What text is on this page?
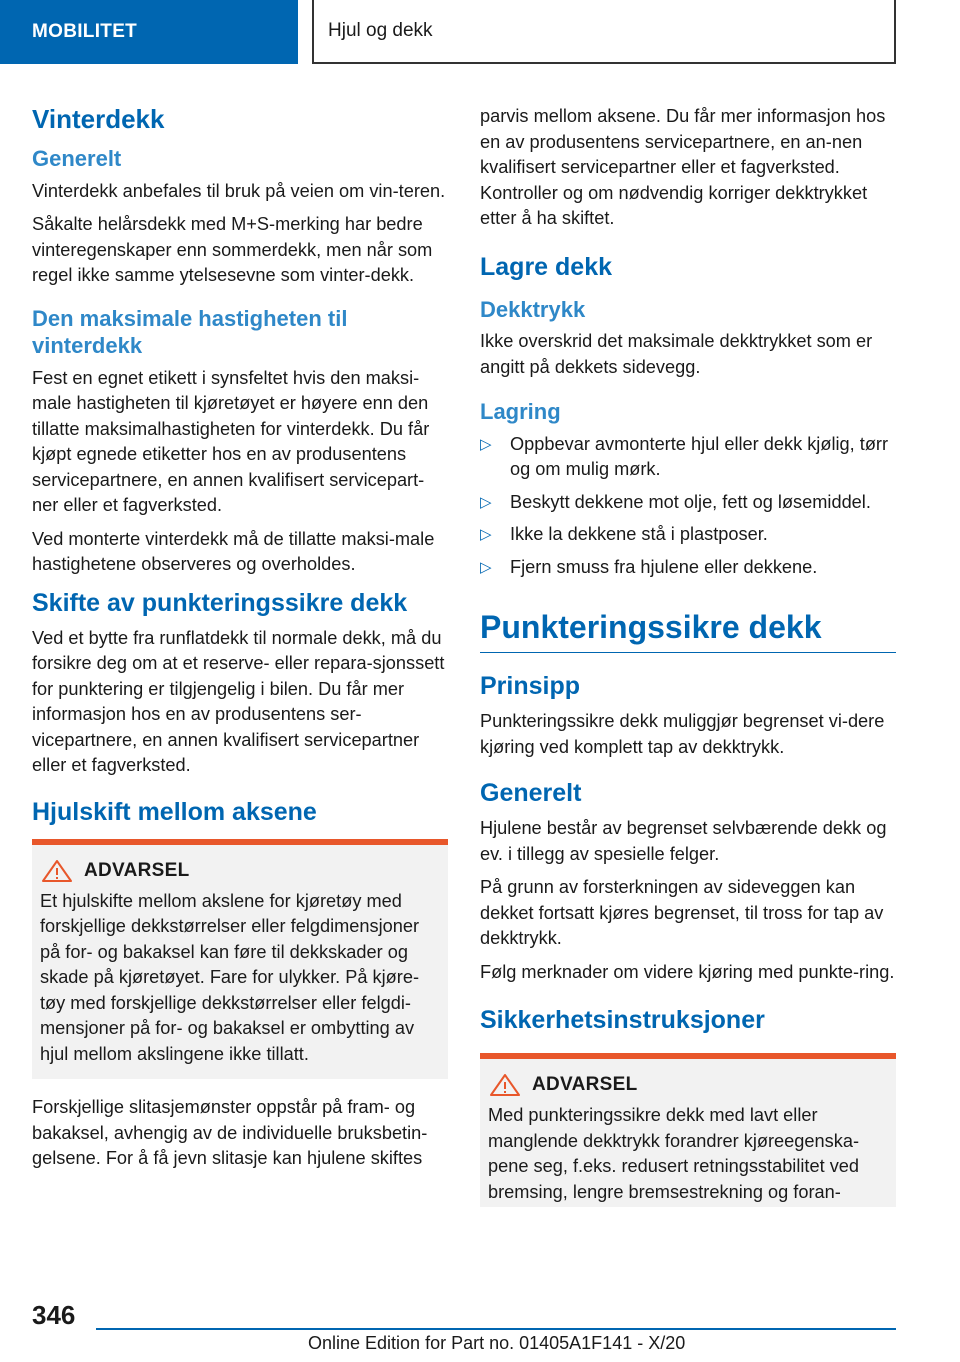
MOBILITET	Hjul og dekk
Vinterdekk
Generelt

Vinterdekk anbefales til bruk på veien om vin-teren.

Såkalte helårsdekk med M+S-merking har bedre vinteregenskaper enn sommerdekk, men når som regel ikke samme ytelsesevne som vinter-dekk.

Den maksimale hastigheten til
vinterdekk

Fest en egnet etikett i synsfeltet hvis den maksi-male hastigheten til kjøretøyet er høyere enn den tillatte maksimalhastigheten for vinterdekk. Du får kjøpt egnede etiketter hos en av produsentens servicepartnere, en annen kvalifisert servicepart-ner eller et fagverksted.

Ved monterte vinterdekk må de tillatte maksi-male hastighetene observeres og overholdes.

Skifte av punkteringssikre dekk

Ved et bytte fra runflatdekk til normale dekk, må du forsikre deg om at et reserve- eller repara-sjonssett for punktering er tilgjengelig i bilen. Du får mer informasjon hos en av produsentens ser-vicepartnere, en annen kvalifisert servicepartner eller et fagverksted.

Hjulskift mellom aksene
ADVARSEL

Et hjulskifte mellom akslene for kjøretøy med forskjellige dekkstørrelser eller felgdimensjoner på for- og bakaksel kan føre til dekkskader og skade på kjøretøyet. Fare for ulykker. På kjøre-tøy med forskjellige dekkstørrelser eller felgdi-mensjoner på for- og bakaksel er ombytting av hjul mellom akslingene ikke tillatt.

Forskjellige slitasjemønster oppstår på fram- og bakaksel, avhengig av de individuelle bruksbetin-gelsene. For å få jevn slitasje kan hjulene skiftes

parvis mellom aksene. Du får mer informasjon hos en av produsentens servicepartnere, en an-nen kvalifisert servicepartner eller et fagverksted. Kontroller og om nødvendig korriger dekktrykket etter å ha skiftet.

Lagre dekk
Dekktrykk

Ikke overskrid det maksimale dekktrykket som er angitt på dekkets sidevegg.

Lagring
▷ Oppbevar avmonterte hjul eller dekk kjølig, tørr og om mulig mørk.
▷ Beskytt dekkene mot olje, fett og løsemiddel.
▷ Ikke la dekkene stå i plastposer.
▷ Fjern smuss fra hjulene eller dekkene.
Punkteringssikre dekk
Prinsipp

Punkteringssikre dekk muliggjør begrenset vi-dere kjøring ved komplett tap av dekktrykk.

Generelt

Hjulene består av begrenset selvbærende dekk og ev. i tillegg av spesielle felger.

På grunn av forsterkningen av sideveggen kan dekket fortsatt kjøres begrenset, til tross for tap av dekktrykk.

Følg merknader om videre kjøring med punkte-ring.

Sikkerhetsinstruksjoner
ADVARSEL

Med punkteringssikre dekk med lavt eller manglende dekktrykk forandrer kjøreegenska-pene seg, f.eks. redusert retningsstabilitet ved bremsing, lengre bremsestrekning og foran-

346
Online Edition for Part no. 01405A1F141 - X/20
